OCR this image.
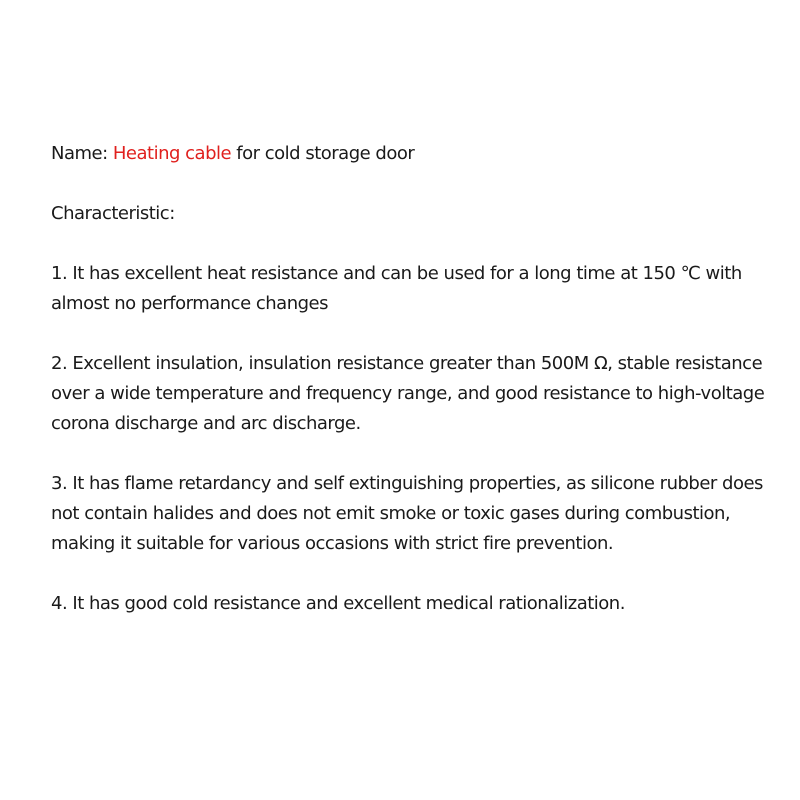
Name: Heating cable for cold storage door

Characteristic:

1. It has excellent heat resistance and can be used for a long time at 150 ℃ with almost no performance changes

2. Excellent insulation, insulation resistance greater than 500M Ω, stable resistance over a wide temperature and frequency range, and good resistance to high-voltage corona discharge and arc discharge.

3. It has flame retardancy and self extinguishing properties, as silicone rubber does not contain halides and does not emit smoke or toxic gases during combustion, making it suitable for various occasions with strict fire prevention.

4. It has good cold resistance and excellent medical rationalization.
